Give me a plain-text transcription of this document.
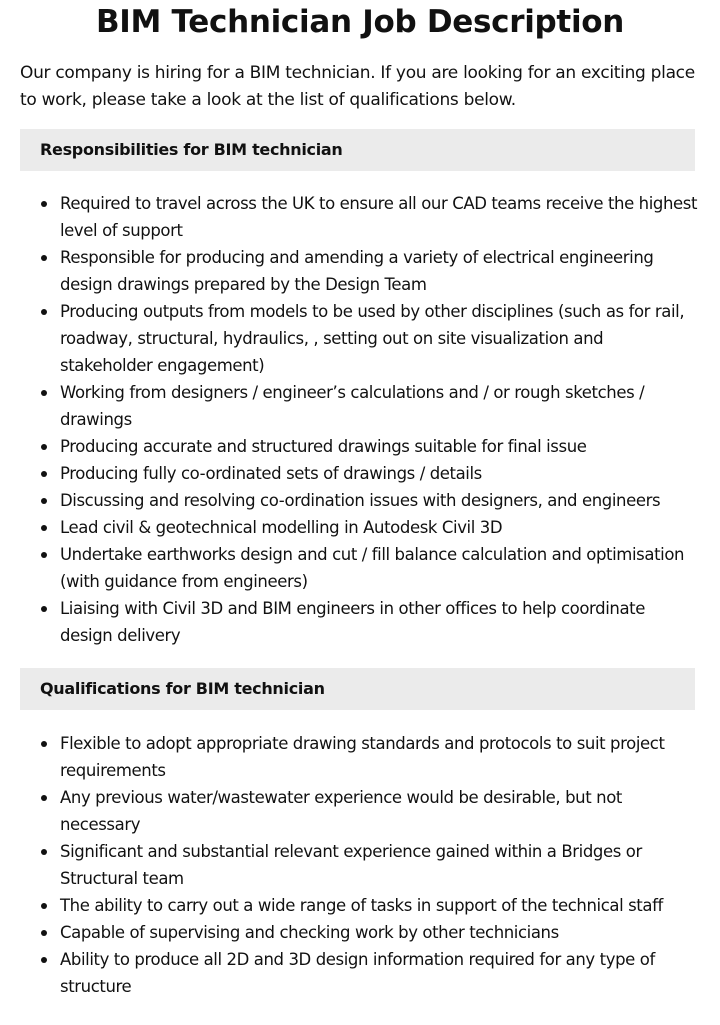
BIM Technician Job Description

Our company is hiring for a BIM technician. If you are looking for an exciting place to work, please take a look at the list of qualifications below.

Responsibilities for BIM technician
Required to travel across the UK to ensure all our CAD teams receive the highest level of support
Responsible for producing and amending a variety of electrical engineering design drawings prepared by the Design Team
Producing outputs from models to be used by other disciplines (such as for rail, roadway, structural, hydraulics, , setting out on site visualization and stakeholder engagement)
Working from designers / engineer’s calculations and / or rough sketches / drawings
Producing accurate and structured drawings suitable for final issue
Producing fully co-ordinated sets of drawings / details
Discussing and resolving co-ordination issues with designers, and engineers
Lead civil & geotechnical modelling in Autodesk Civil 3D
Undertake earthworks design and cut / fill balance calculation and optimisation (with guidance from engineers)
Liaising with Civil 3D and BIM engineers in other offices to help coordinate design delivery
Qualifications for BIM technician
Flexible to adopt appropriate drawing standards and protocols to suit project requirements
Any previous water/wastewater experience would be desirable, but not necessary
Significant and substantial relevant experience gained within a Bridges or Structural team
The ability to carry out a wide range of tasks in support of the technical staff
Capable of supervising and checking work by other technicians
Ability to produce all 2D and 3D design information required for any type of structure
